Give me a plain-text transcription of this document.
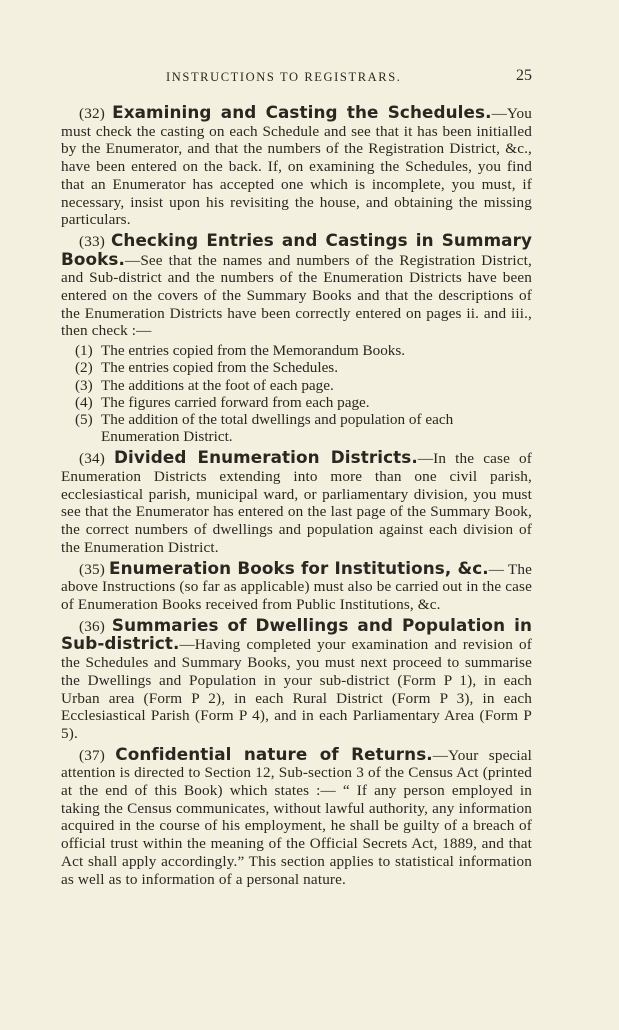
INSTRUCTIONS TO REGISTRARS.	25

(32) Examining and Casting the Schedules.—You must check the casting on each Schedule and see that it has been initialled by the Enumerator, and that the numbers of the Registration District, &c., have been entered on the back. If, on examining the Schedules, you find that an Enumerator has accepted one which is incomplete, you must, if necessary, insist upon his revisiting the house, and obtaining the missing particulars.

(33) Checking Entries and Castings in Summary Books.—See that the names and numbers of the Registration District, and Sub-district and the numbers of the Enumeration Districts have been entered on the covers of the Summary Books and that the descriptions of the Enumeration Districts have been correctly entered on pages ii. and iii., then check :—

(1) The entries copied from the Memorandum Books.
(2) The entries copied from the Schedules.
(3) The additions at the foot of each page.
(4) The figures carried forward from each page.
(5) The addition of the total dwellings and population of each Enumeration District.

(34) Divided Enumeration Districts.—In the case of Enumeration Districts extending into more than one civil parish, ecclesiastical parish, municipal ward, or parliamentary division, you must see that the Enumerator has entered on the last page of the Summary Book, the correct numbers of dwellings and population against each division of the Enumeration District.

(35) Enumeration Books for Institutions, &c.— The above Instructions (so far as applicable) must also be carried out in the case of Enumeration Books received from Public Institutions, &c.

(36) Summaries of Dwellings and Population in Sub-district.—Having completed your examination and revision of the Schedules and Summary Books, you must next proceed to summarise the Dwellings and Population in your sub-district (Form P 1), in each Urban area (Form P 2), in each Rural District (Form P 3), in each Ecclesiastical Parish (Form P 4), and in each Parliamentary Area (Form P 5).

(37) Confidential nature of Returns.—Your special attention is directed to Section 12, Sub-section 3 of the Census Act (printed at the end of this Book) which states :— “ If any person employed in taking the Census communicates, without lawful authority, any information acquired in the course of his employment, he shall be guilty of a breach of official trust within the meaning of the Official Secrets Act, 1889, and that Act shall apply accordingly.” This section applies to statistical information as well as to information of a personal nature.
